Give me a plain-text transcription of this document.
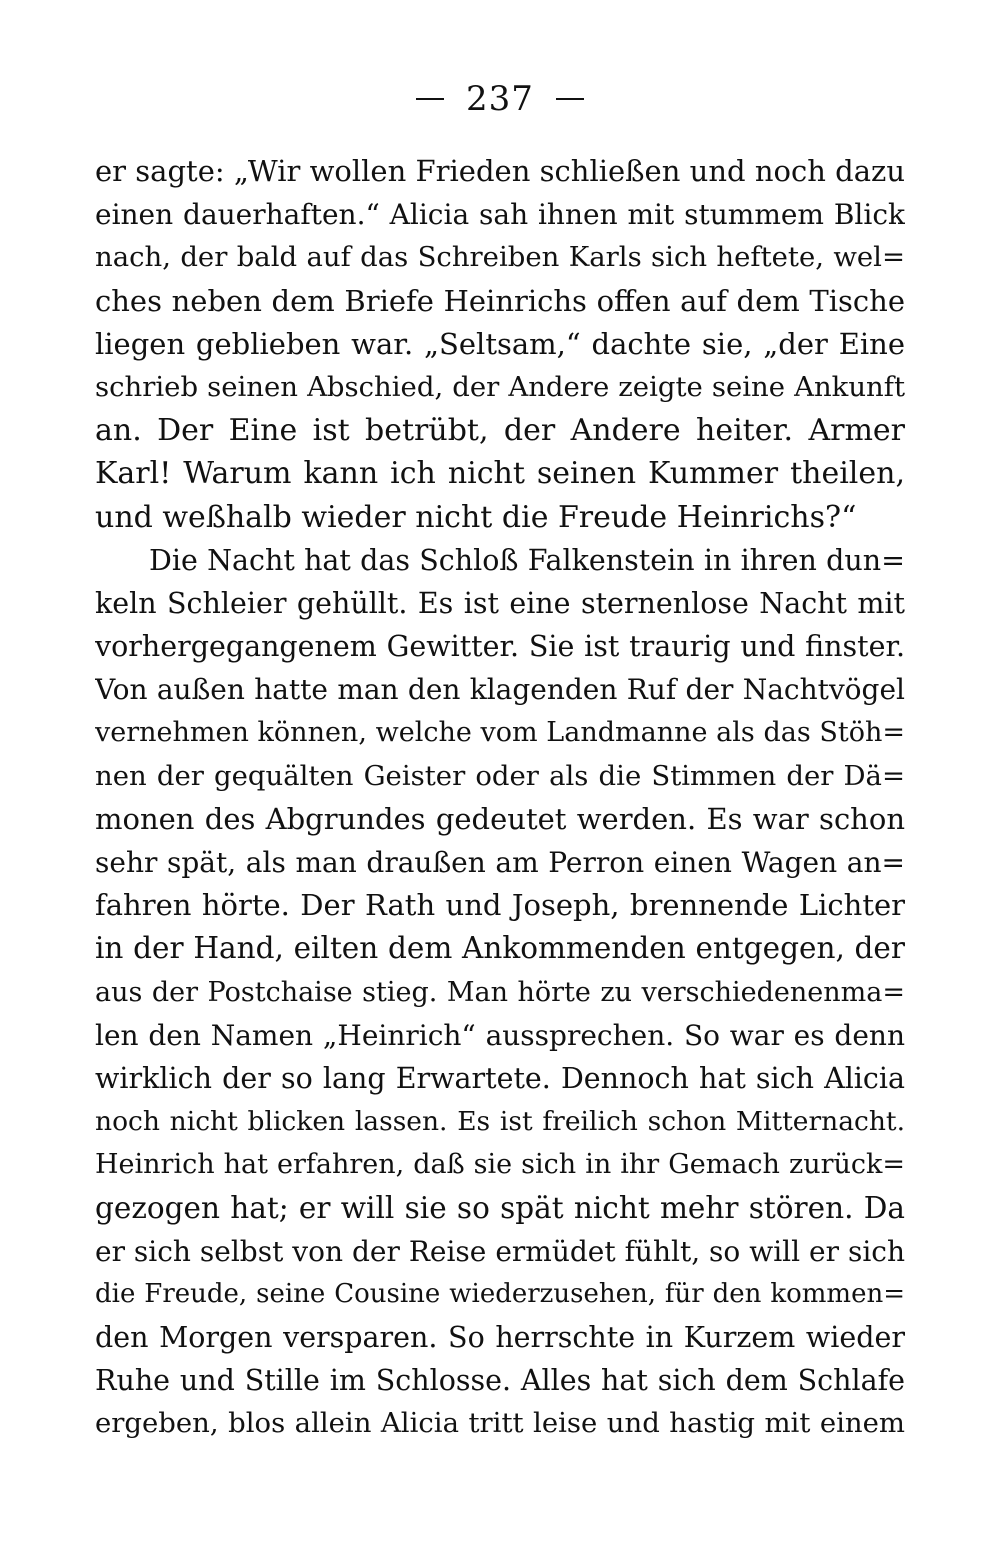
237
er sagte: „Wir wollen Frieden schließen und noch dazu
einen dauerhaften.“ Alicia sah ihnen mit stummem Blick
nach, der bald auf das Schreiben Karls sich heftete, wel=
ches neben dem Briefe Heinrichs offen auf dem Tische
liegen geblieben war. „Seltsam,“ dachte sie, „der Eine
schrieb seinen Abschied, der Andere zeigte seine Ankunft
an. Der Eine ist betrübt, der Andere heiter. Armer
Karl! Warum kann ich nicht seinen Kummer theilen,
und weßhalb wieder nicht die Freude Heinrichs?“
Die Nacht hat das Schloß Falkenstein in ihren dun=
keln Schleier gehüllt. Es ist eine sternenlose Nacht mit
vorhergegangenem Gewitter. Sie ist traurig und finster.
Von außen hatte man den klagenden Ruf der Nachtvögel
vernehmen können, welche vom Landmanne als das Stöh=
nen der gequälten Geister oder als die Stimmen der Dä=
monen des Abgrundes gedeutet werden. Es war schon
sehr spät, als man draußen am Perron einen Wagen an=
fahren hörte. Der Rath und Joseph, brennende Lichter
in der Hand, eilten dem Ankommenden entgegen, der
aus der Postchaise stieg. Man hörte zu verschiedenenma=
len den Namen „Heinrich“ aussprechen. So war es denn
wirklich der so lang Erwartete. Dennoch hat sich Alicia
noch nicht blicken lassen. Es ist freilich schon Mitternacht.
Heinrich hat erfahren, daß sie sich in ihr Gemach zurück=
gezogen hat; er will sie so spät nicht mehr stören. Da
er sich selbst von der Reise ermüdet fühlt, so will er sich
die Freude, seine Cousine wiederzusehen, für den kommen=
den Morgen versparen. So herrschte in Kurzem wieder
Ruhe und Stille im Schlosse. Alles hat sich dem Schlafe
ergeben, blos allein Alicia tritt leise und hastig mit einem
